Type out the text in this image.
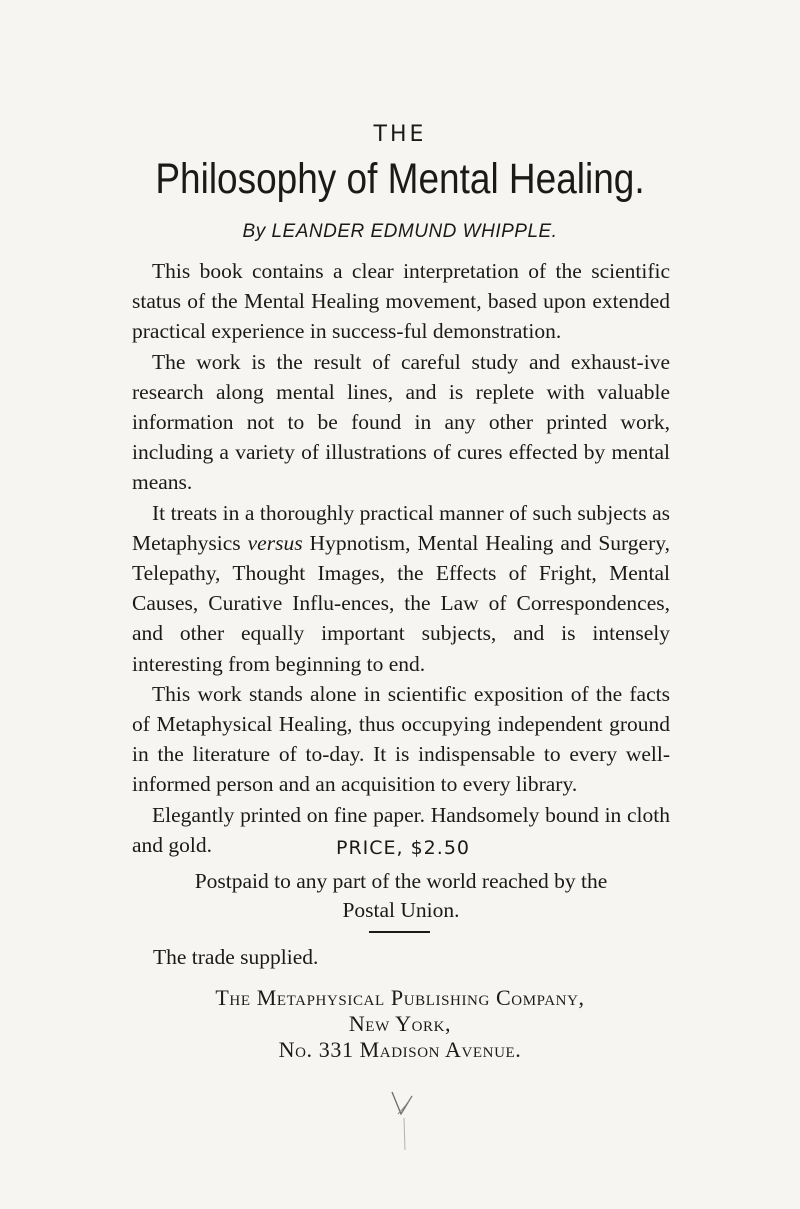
THE
Philosophy of Mental Healing.
By LEANDER EDMUND WHIPPLE.

This book contains a clear interpretation of the scientific status of the Mental Healing movement, based upon extended practical experience in success-ful demonstration.

The work is the result of careful study and exhaust-ive research along mental lines, and is replete with valuable information not to be found in any other printed work, including a variety of illustrations of cures effected by mental means.

It treats in a thoroughly practical manner of such subjects as Metaphysics versus Hypnotism, Mental Healing and Surgery, Telepathy, Thought Images, the Effects of Fright, Mental Causes, Curative Influ-ences, the Law of Correspondences, and other equally important subjects, and is intensely interesting from beginning to end.

This work stands alone in scientific exposition of the facts of Metaphysical Healing, thus occupying independent ground in the literature of to-day. It is indispensable to every well-informed person and an acquisition to every library.

Elegantly printed on fine paper. Handsomely bound in cloth and gold.	PRICE, $2.50
Postpaid to any part of the world reached by the
Postal Union.
The trade supplied.
The Metaphysical Publishing Company,
New York,
No. 331 Madison Avenue.
